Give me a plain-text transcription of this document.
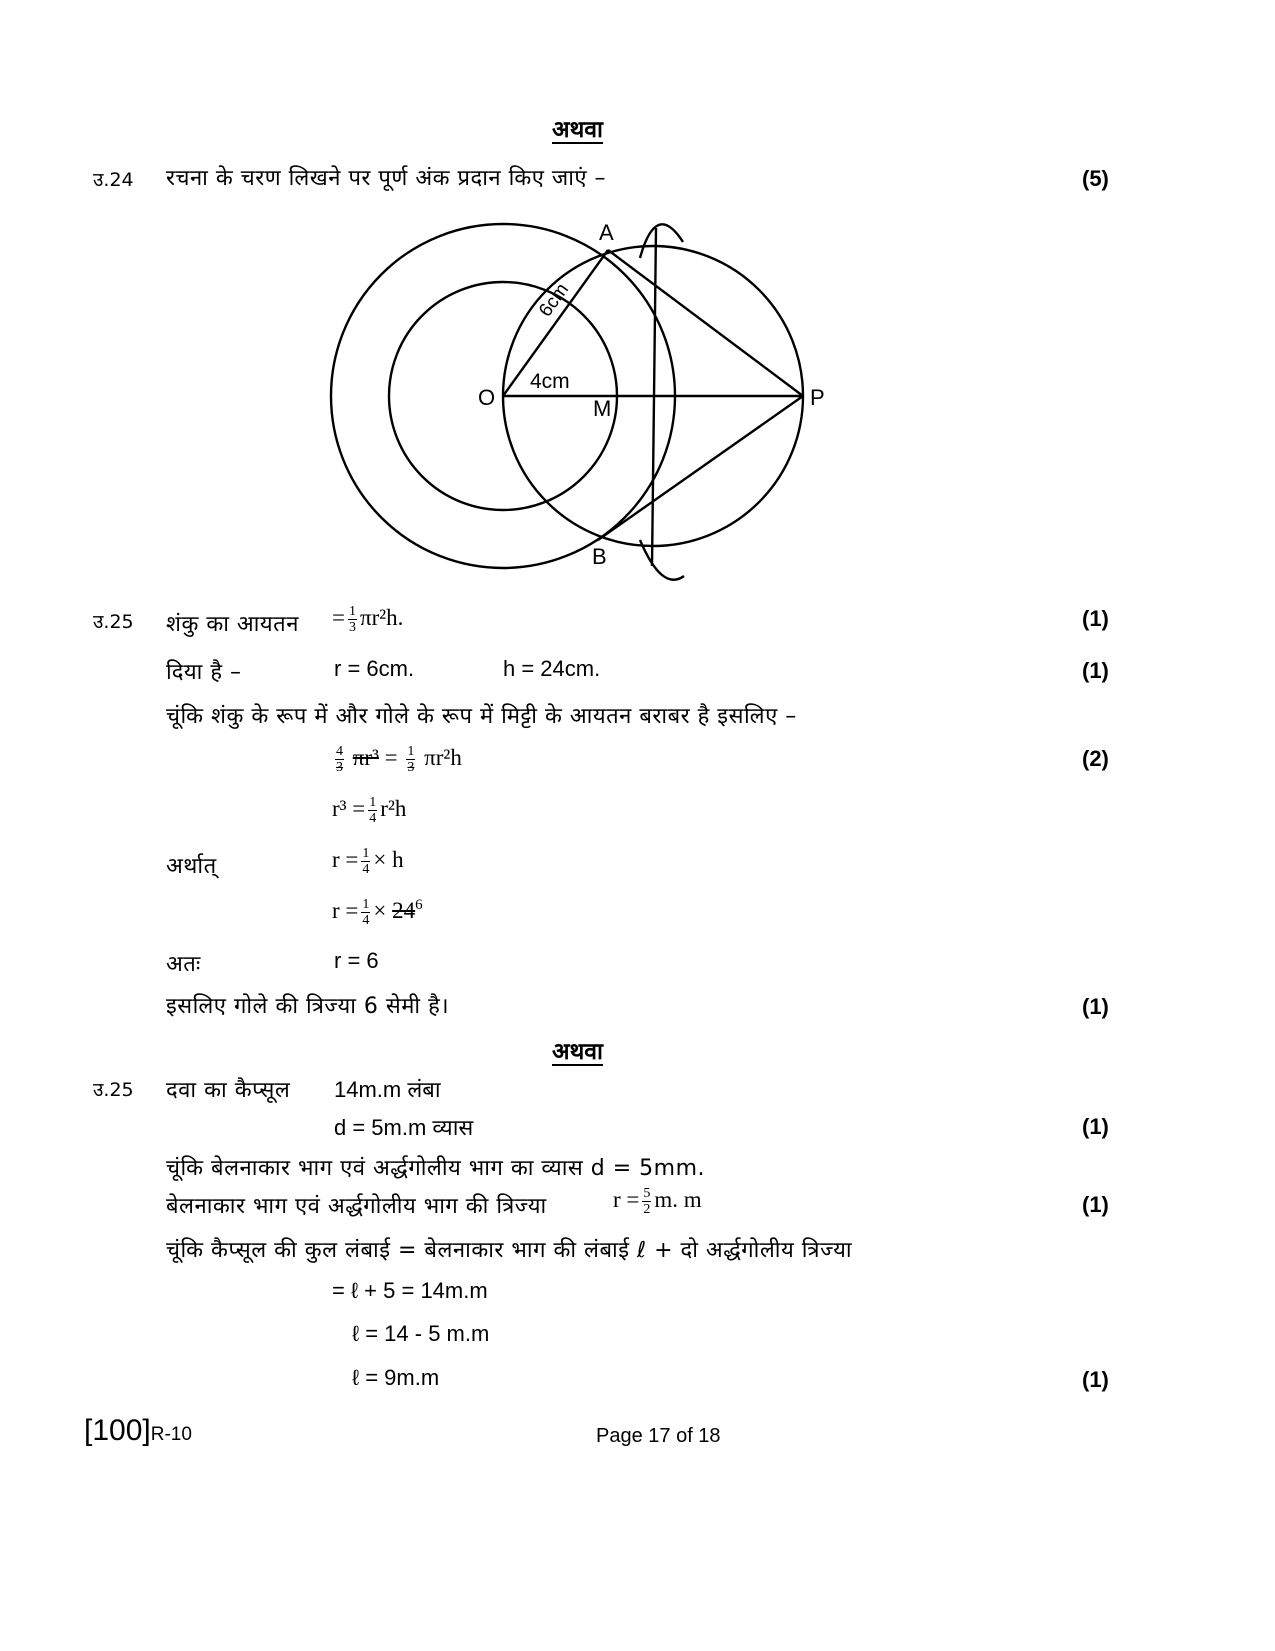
अथवा
उ.24 रचना के चरण लिखने पर पूर्ण अंक प्रदान किए जाएं –	(5)
A
B
O	M	P
4cm
6cm
उ.25 शंकु का आयतन = $\frac{1}{3} \pi r^2h$.	(1)
दिया है –	r = 6cm.	h = 24cm.	(1)
चूंकि शंकु के रूप में और गोले के रूप में मिट्टी के आयतन बराबर है इसलिए –
$\frac{4}{3} \pi r^3 = \frac{1}{3} \pi r^2h$	(2)
$r^3 = \frac{1}{4} r^2h$
अर्थात्	$r = \frac{1}{4} \times h$
$r = \frac{1}{4} \times 24^6$
अतः	r = 6
इसलिए गोले की त्रिज्या 6 सेमी है।	(1)
अथवा
उ.25 दवा का कैप्सूल 14m.m लंबा
d = 5m.m व्यास	(1)
चूंकि बेलनाकार भाग एवं अर्द्धगोलीय भाग का व्यास d = 5mm.
बेलनाकार भाग एवं अर्द्धगोलीय भाग की त्रिज्या	$r = \frac{5}{2} m$. m	(1)
चूंकि कैप्सूल की कुल लंबाई = बेलनाकार भाग की लंबाई ℓ + दो अर्द्धगोलीय त्रिज्या
= ℓ + 5 = 14m.m
ℓ = 14 - 5 m.m
ℓ = 9m.m	(1)
[100]R-10	Page 17 of 18
